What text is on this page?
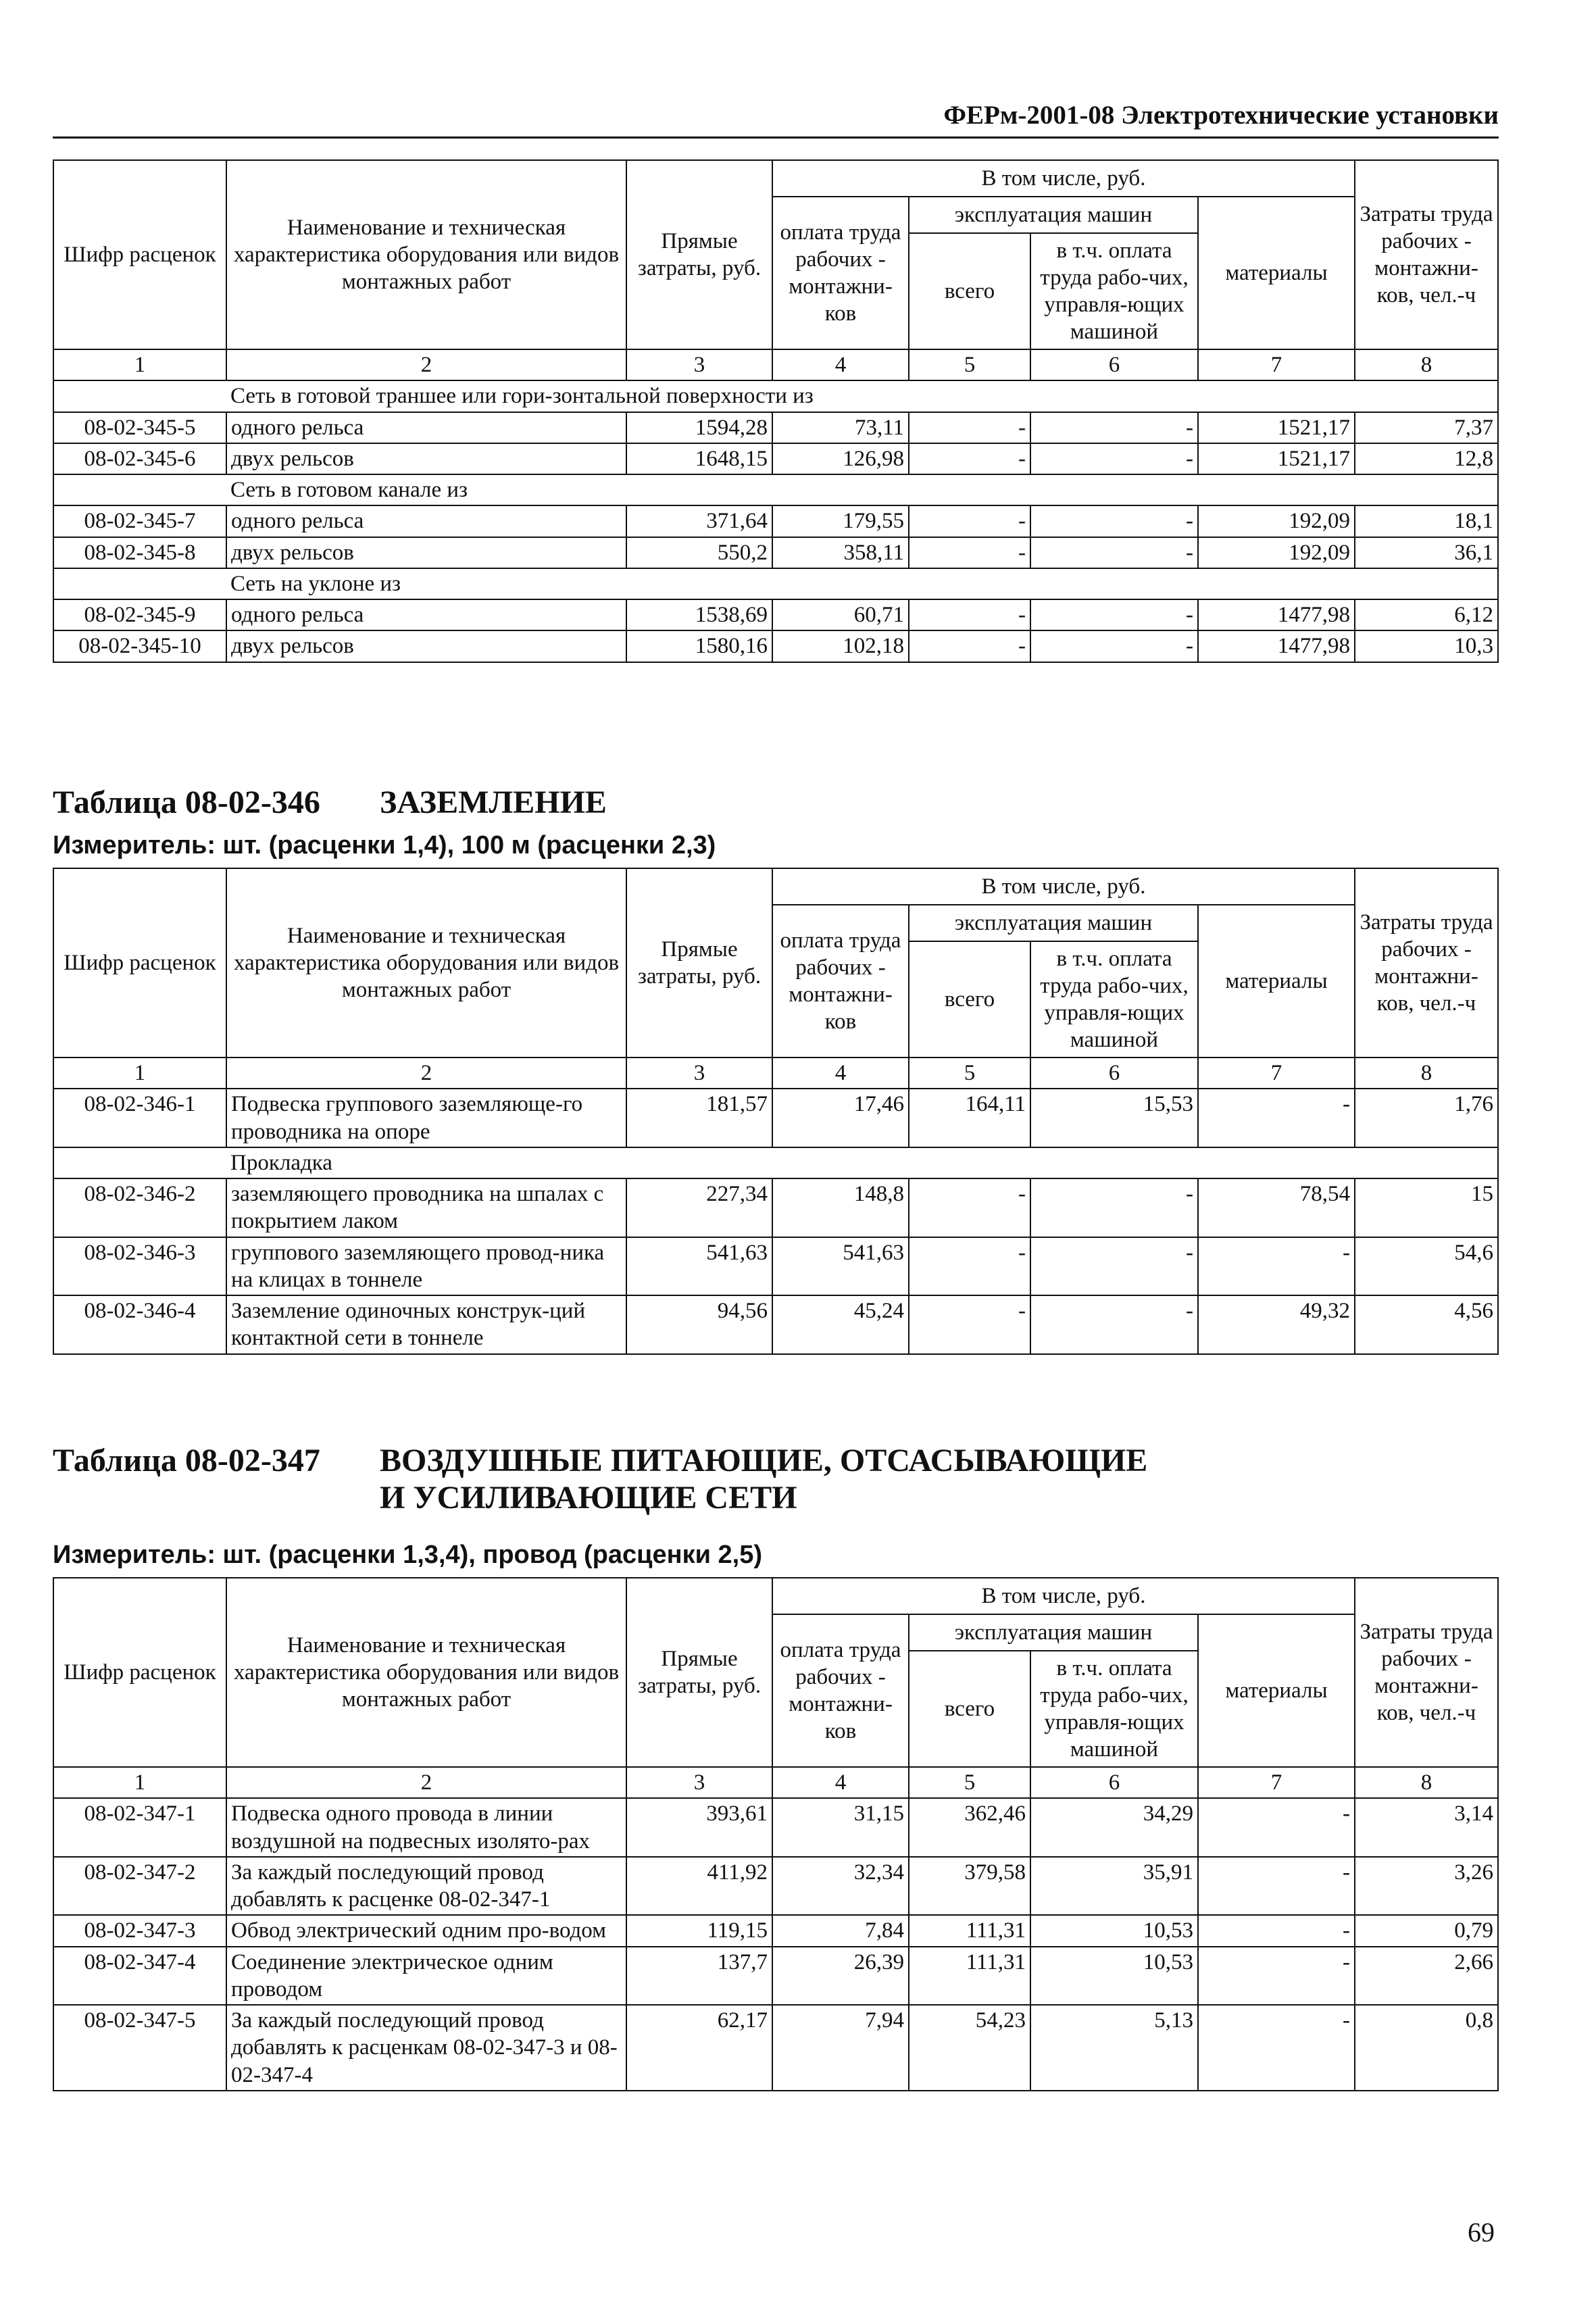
ФЕРм-2001-08 Электротехнические установки
Шифр расценок	Наименование и техническая характеристика оборудования или видов монтажных работ	Прямые затраты, руб.	В том числе, руб.				Затраты труда рабочих - монтажни-ков, чел.-ч
			оплата труда рабочих - монтажни-ков	эксплуатация машин		материалы	
				всего	в т.ч. оплата труда рабо-чих, управля-ющих машиной		
1	2	3	4	5	6	7	8
	Сеть в готовой траншее или гори-зонтальной поверхности из						
08-02-345-5	одного рельса	1594,28	73,11	-	-	1521,17	7,37
08-02-345-6	двух рельсов	1648,15	126,98	-	-	1521,17	12,8
	Сеть в готовом канале из						
08-02-345-7	одного рельса	371,64	179,55	-	-	192,09	18,1
08-02-345-8	двух рельсов	550,2	358,11	-	-	192,09	36,1
	Сеть на уклоне из						
08-02-345-9	одного рельса	1538,69	60,71	-	-	1477,98	6,12
08-02-345-10	двух рельсов	1580,16	102,18	-	-	1477,98	10,3
Таблица 08-02-346 ЗАЗЕМЛЕНИЕ
Измеритель: шт. (расценки 1,4), 100 м (расценки 2,3)
Шифр расценок	Наименование и техническая характеристика оборудования или видов монтажных работ	Прямые затраты, руб.	В том числе, руб.				Затраты труда рабочих - монтажни-ков, чел.-ч
			оплата труда рабочих - монтажни-ков	эксплуатация машин		материалы	
				всего	в т.ч. оплата труда рабо-чих, управля-ющих машиной		
1	2	3	4	5	6	7	8
08-02-346-1	Подвеска группового заземляюще-го проводника на опоре	181,57	17,46	164,11	15,53	-	1,76
	Прокладка						
08-02-346-2	заземляющего проводника на шпалах с покрытием лаком	227,34	148,8	-	-	78,54	15
08-02-346-3	группового заземляющего провод-ника на клицах в тоннеле	541,63	541,63	-	-	-	54,6
08-02-346-4	Заземление одиночных конструк-ций контактной сети в тоннеле	94,56	45,24	-	-	49,32	4,56
Таблица 08-02-347 ВОЗДУШНЫЕ ПИТАЮЩИЕ, ОТСАСЫВАЮЩИЕ
И УСИЛИВАЮЩИЕ СЕТИ
Измеритель: шт. (расценки 1,3,4), провод (расценки 2,5)
Шифр расценок	Наименование и техническая характеристика оборудования или видов монтажных работ	Прямые затраты, руб.	В том числе, руб.				Затраты труда рабочих - монтажни-ков, чел.-ч
			оплата труда рабочих - монтажни-ков	эксплуатация машин		материалы	
				всего	в т.ч. оплата труда рабо-чих, управля-ющих машиной		
1	2	3	4	5	6	7	8
08-02-347-1	Подвеска одного провода в линии воздушной на подвесных изолято-рах	393,61	31,15	362,46	34,29	-	3,14
08-02-347-2	За каждый последующий провод добавлять к расценке 08-02-347-1	411,92	32,34	379,58	35,91	-	3,26
08-02-347-3	Обвод электрический одним про-водом	119,15	7,84	111,31	10,53	-	0,79
08-02-347-4	Соединение электрическое одним проводом	137,7	26,39	111,31	10,53	-	2,66
08-02-347-5	За каждый последующий провод добавлять к расценкам 08-02-347-3 и 08-02-347-4	62,17	7,94	54,23	5,13	-	0,8
69
